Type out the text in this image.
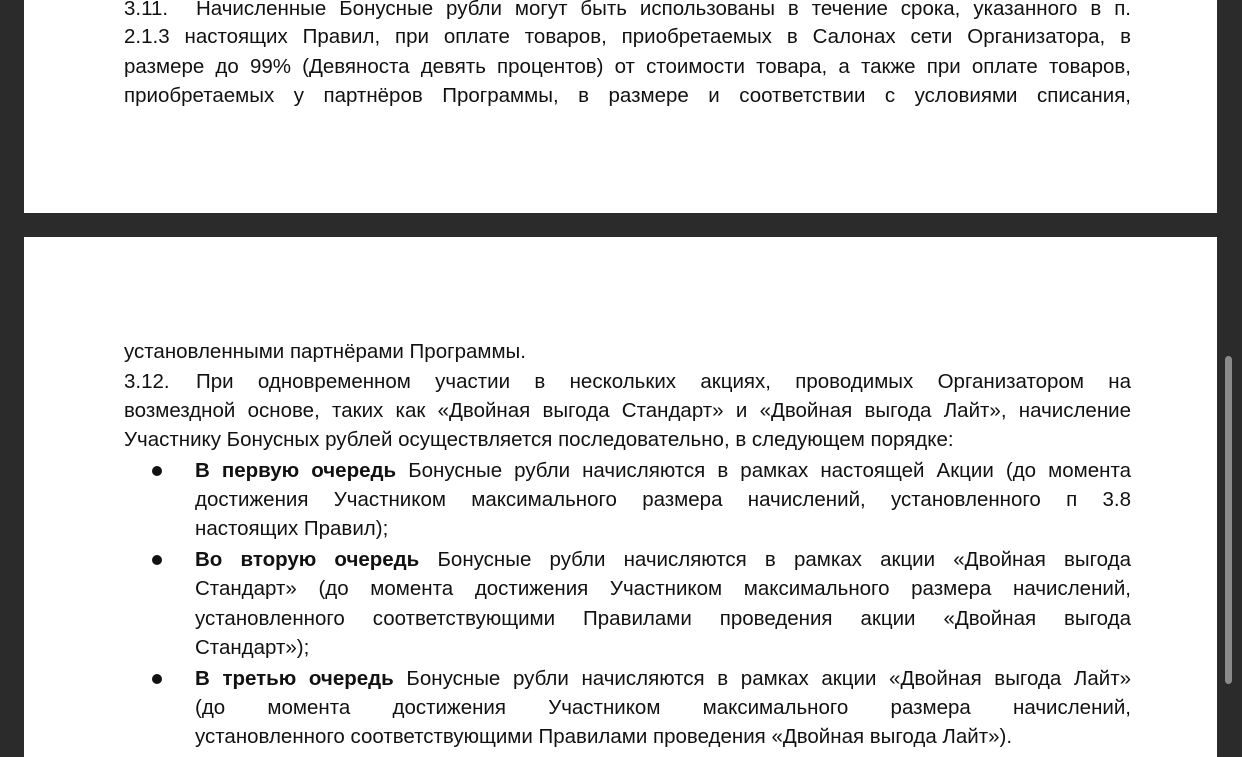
3.11. Начисленные Бонусные рубли могут быть использованы в течение срока, указанного в п.
2.1.3 настоящих Правил, при оплате товаров, приобретаемых в Салонах сети Организатора, в
размере до 99% (Девяноста девять процентов) от стоимости товара, а также при оплате товаров,
приобретаемых у партнёров Программы, в размере и соответствии с условиями списания,
установленными партнёрами Программы.
3.12. При одновременном участии в нескольких акциях, проводимых Организатором на
возмездной основе, таких как «Двойная выгода Стандарт» и «Двойная выгода Лайт», начисление
Участнику Бонусных рублей осуществляется последовательно, в следующем порядке:
В первую очередь Бонусные рубли начисляются в рамках настоящей Акции (до момента
достижения Участником максимального размера начислений, установленного п 3.8
настоящих Правил);
Во вторую очередь Бонусные рубли начисляются в рамках акции «Двойная выгода
Стандарт» (до момента достижения Участником максимального размера начислений,
установленного соответствующими Правилами проведения акции «Двойная выгода
Стандарт»);
В третью очередь Бонусные рубли начисляются в рамках акции «Двойная выгода Лайт»
(до момента достижения Участником максимального размера начислений,
установленного соответствующими Правилами проведения «Двойная выгода Лайт»).
